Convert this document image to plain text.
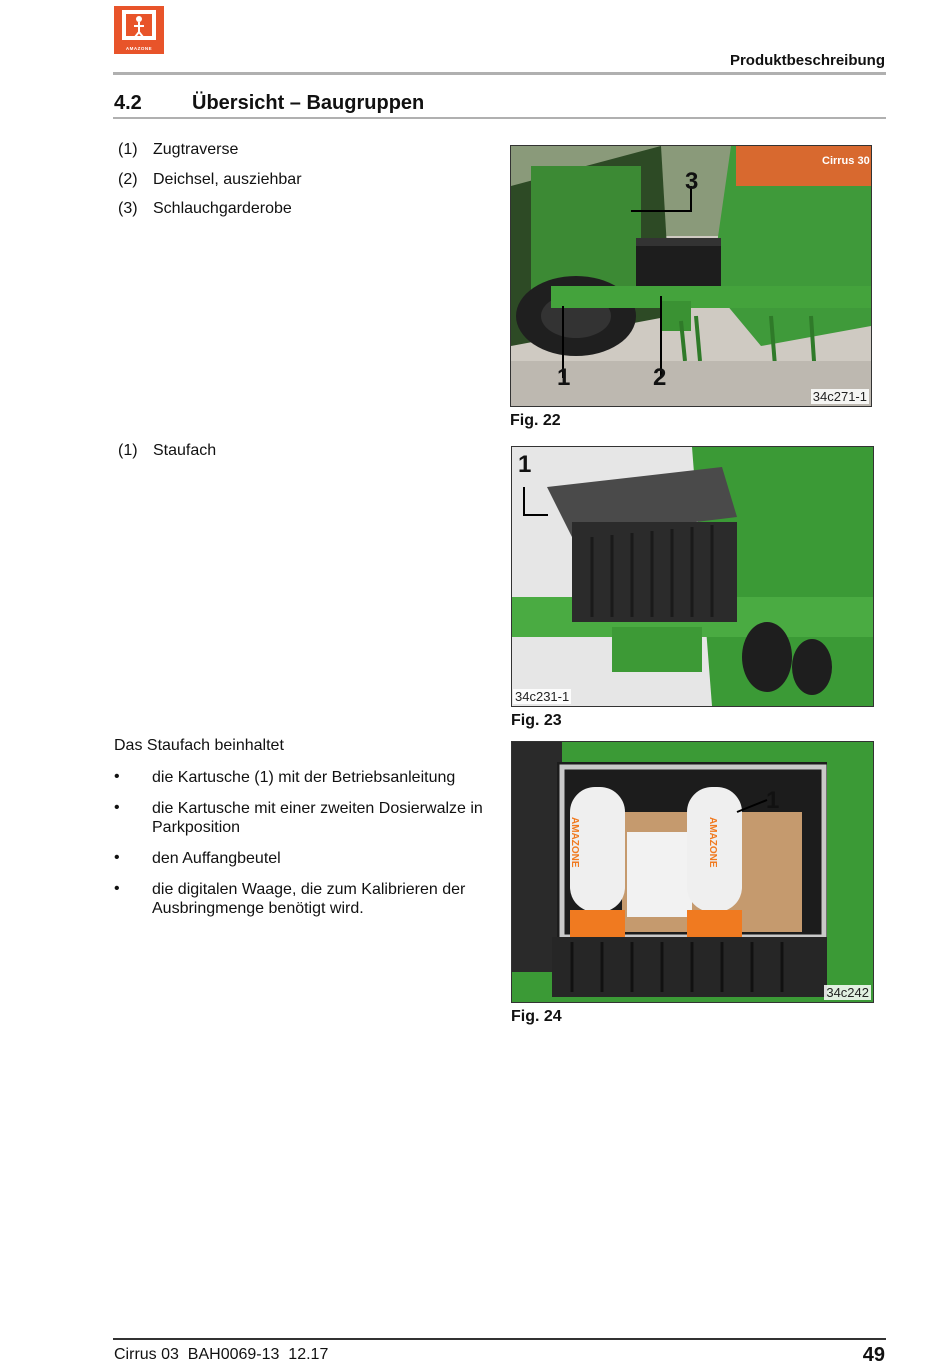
AMAZONE
Produktbeschreibung
4.2	Übersicht – Baugruppen
(1) Zugtraverse
(2) Deichsel, ausziehbar
(3) Schlauchgarderobe
Cirrus 30
1	2
3
34c271-1
Fig. 22
(1) Staufach
1
34c231-1
Fig. 23
Das Staufach beinhaltet
• die Kartusche (1) mit der Betriebsanleitung
• die Kartusche mit einer zweiten Dosierwalze in Parkposition
• den Auffangbeutel
• die digitalen Waage, die zum Kalibrieren der Ausbringmenge benötigt wird.
AMAZONE	AMAZONE
1
34c242
Fig. 24
Cirrus 03  BAH0069-13  12.17	49
